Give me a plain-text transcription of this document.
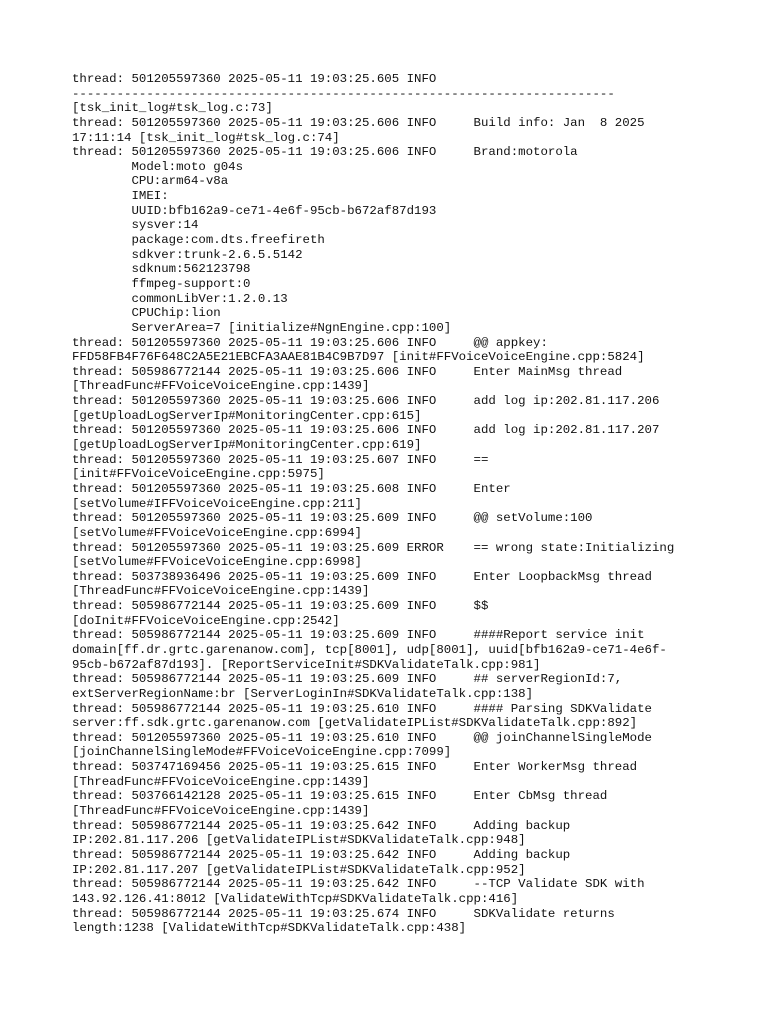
thread: 501205597360 2025-05-11 19:03:25.605 INFO
-------------------------------------------------------------------------
[tsk_init_log#tsk_log.c:73]
thread: 501205597360 2025-05-11 19:03:25.606 INFO     Build info: Jan  8 2025
17:11:14 [tsk_init_log#tsk_log.c:74]
thread: 501205597360 2025-05-11 19:03:25.606 INFO     Brand:motorola
Model:moto g04s
CPU:arm64-v8a
IMEI:
UUID:bfb162a9-ce71-4e6f-95cb-b672af87d193
sysver:14
package:com.dts.freefireth
sdkver:trunk-2.6.5.5142
sdknum:562123798
ffmpeg-support:0
commonLibVer:1.2.0.13
CPUChip:lion
ServerArea=7 [initialize#NgnEngine.cpp:100]
thread: 501205597360 2025-05-11 19:03:25.606 INFO     @@ appkey:
FFD58FB4F76F648C2A5E21EBCFA3AAE81B4C9B7D97 [init#FFVoiceVoiceEngine.cpp:5824]
thread: 505986772144 2025-05-11 19:03:25.606 INFO     Enter MainMsg thread
[ThreadFunc#FFVoiceVoiceEngine.cpp:1439]
thread: 501205597360 2025-05-11 19:03:25.606 INFO     add log ip:202.81.117.206
[getUploadLogServerIp#MonitoringCenter.cpp:615]
thread: 501205597360 2025-05-11 19:03:25.606 INFO     add log ip:202.81.117.207
[getUploadLogServerIp#MonitoringCenter.cpp:619]
thread: 501205597360 2025-05-11 19:03:25.607 INFO     ==
[init#FFVoiceVoiceEngine.cpp:5975]
thread: 501205597360 2025-05-11 19:03:25.608 INFO     Enter
[setVolume#IFFVoiceVoiceEngine.cpp:211]
thread: 501205597360 2025-05-11 19:03:25.609 INFO     @@ setVolume:100
[setVolume#FFVoiceVoiceEngine.cpp:6994]
thread: 501205597360 2025-05-11 19:03:25.609 ERROR    == wrong state:Initializing
[setVolume#FFVoiceVoiceEngine.cpp:6998]
thread: 503738936496 2025-05-11 19:03:25.609 INFO     Enter LoopbackMsg thread
[ThreadFunc#FFVoiceVoiceEngine.cpp:1439]
thread: 505986772144 2025-05-11 19:03:25.609 INFO     $$
[doInit#FFVoiceVoiceEngine.cpp:2542]
thread: 505986772144 2025-05-11 19:03:25.609 INFO     ####Report service init
domain[ff.dr.grtc.garenanow.com], tcp[8001], udp[8001], uuid[bfb162a9-ce71-4e6f-
95cb-b672af87d193]. [ReportServiceInit#SDKValidateTalk.cpp:981]
thread: 505986772144 2025-05-11 19:03:25.609 INFO     ## serverRegionId:7,
extServerRegionName:br [ServerLoginIn#SDKValidateTalk.cpp:138]
thread: 505986772144 2025-05-11 19:03:25.610 INFO     #### Parsing SDKValidate
server:ff.sdk.grtc.garenanow.com [getValidateIPList#SDKValidateTalk.cpp:892]
thread: 501205597360 2025-05-11 19:03:25.610 INFO     @@ joinChannelSingleMode
[joinChannelSingleMode#FFVoiceVoiceEngine.cpp:7099]
thread: 503747169456 2025-05-11 19:03:25.615 INFO     Enter WorkerMsg thread
[ThreadFunc#FFVoiceVoiceEngine.cpp:1439]
thread: 503766142128 2025-05-11 19:03:25.615 INFO     Enter CbMsg thread
[ThreadFunc#FFVoiceVoiceEngine.cpp:1439]
thread: 505986772144 2025-05-11 19:03:25.642 INFO     Adding backup
IP:202.81.117.206 [getValidateIPList#SDKValidateTalk.cpp:948]
thread: 505986772144 2025-05-11 19:03:25.642 INFO     Adding backup
IP:202.81.117.207 [getValidateIPList#SDKValidateTalk.cpp:952]
thread: 505986772144 2025-05-11 19:03:25.642 INFO     --TCP Validate SDK with
143.92.126.41:8012 [ValidateWithTcp#SDKValidateTalk.cpp:416]
thread: 505986772144 2025-05-11 19:03:25.674 INFO     SDKValidate returns
length:1238 [ValidateWithTcp#SDKValidateTalk.cpp:438]
